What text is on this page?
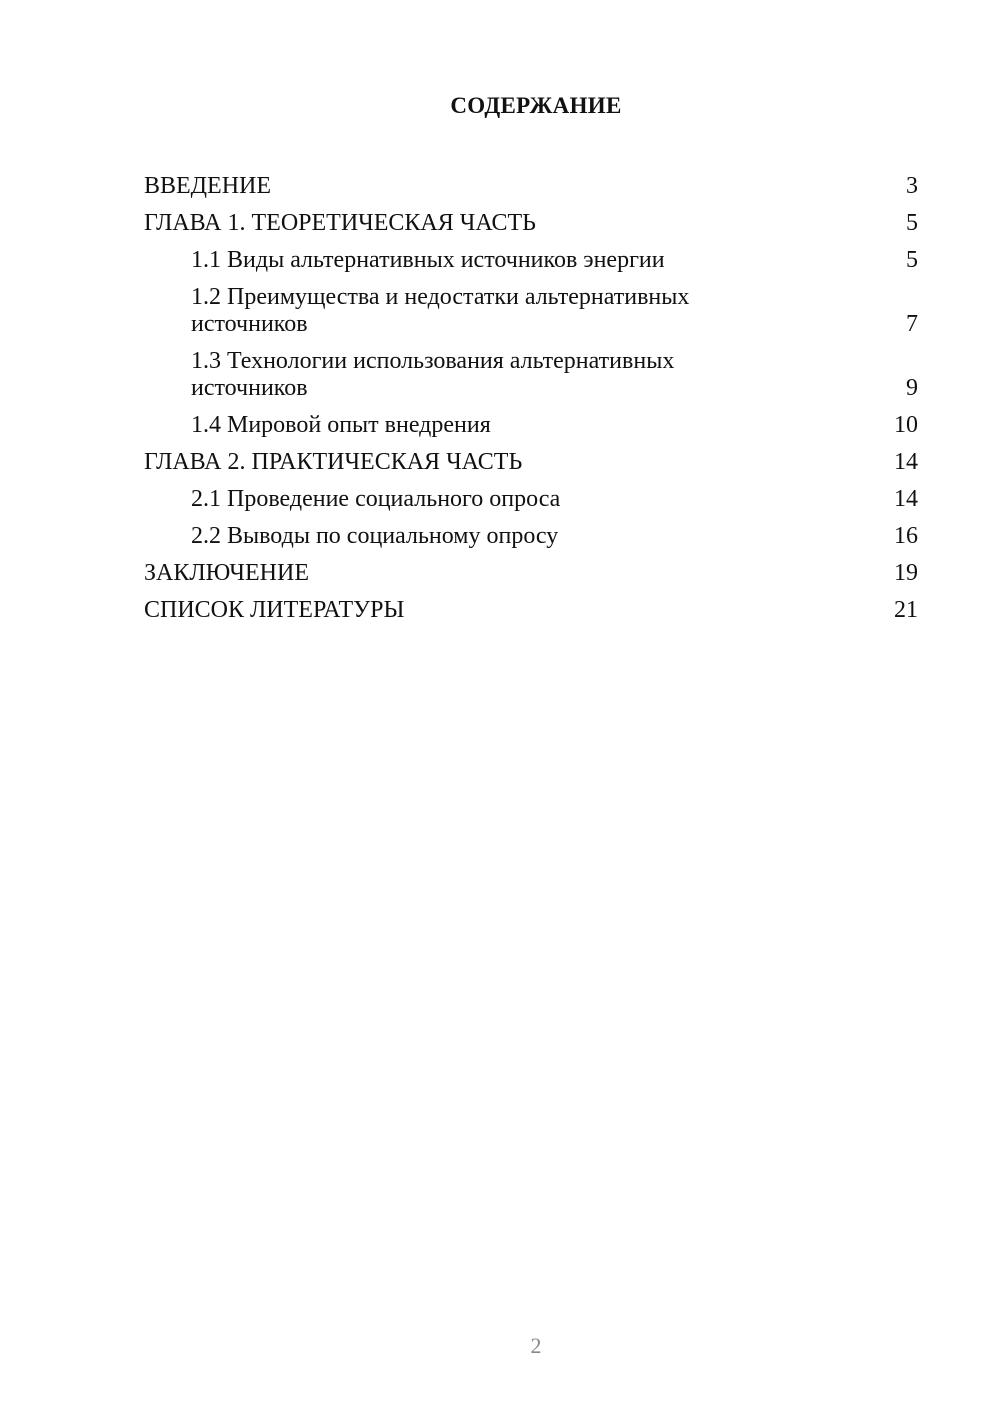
СОДЕРЖАНИЕ
ВВЕДЕНИЕ	3
ГЛАВА 1. ТЕОРЕТИЧЕСКАЯ ЧАСТЬ	5
1.1 Виды альтернативных источников энергии	5
1.2 Преимущества и недостатки альтернативных источников	7
1.3 Технологии использования альтернативных источников	9
1.4 Мировой опыт внедрения	10
ГЛАВА 2. ПРАКТИЧЕСКАЯ ЧАСТЬ	14
2.1 Проведение социального опроса	14
2.2 Выводы по социальному опросу	16
ЗАКЛЮЧЕНИЕ	19
СПИСОК ЛИТЕРАТУРЫ	21
2
